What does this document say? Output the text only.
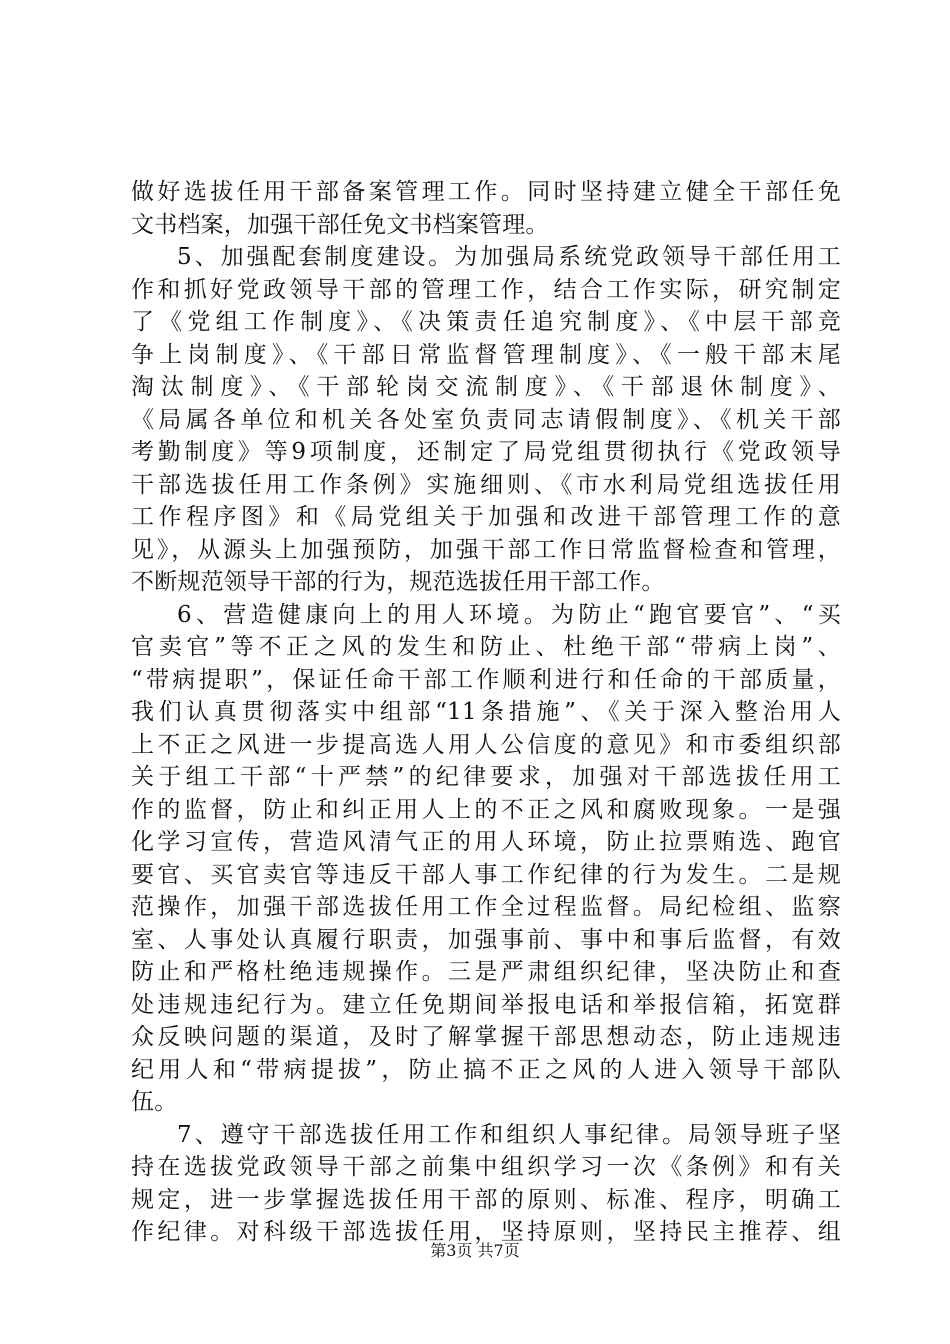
做好选拔任用干部备案管理工作。同时坚持建立健全干部任免
文书档案，加强干部任免文书档案管理。
5、加强配套制度建设。为加强局系统党政领导干部任用工
作和抓好党政领导干部的管理工作，结合工作实际，研究制定
了《党组工作制度》、《决策责任追究制度》、《中层干部竞
争上岗制度》、《干部日常监督管理制度》、《一般干部末尾
淘汰制度》、《干部轮岗交流制度》、《干部退休制度》、
《局属各单位和机关各处室负责同志请假制度》、《机关干部
考勤制度》等9项制度，还制定了局党组贯彻执行《党政领导
干部选拔任用工作条例》实施细则、《市水利局党组选拔任用
工作程序图》和《局党组关于加强和改进干部管理工作的意
见》，从源头上加强预防，加强干部工作日常监督检查和管理，
不断规范领导干部的行为，规范选拔任用干部工作。
6、营造健康向上的用人环境。为防止“跑官要官”、“买
官卖官”等不正之风的发生和防止、杜绝干部“带病上岗”、
“带病提职”，保证任命干部工作顺利进行和任命的干部质量，
我们认真贯彻落实中组部“11条措施”、《关于深入整治用人
上不正之风进一步提高选人用人公信度的意见》和市委组织部
关于组工干部“十严禁”的纪律要求，加强对干部选拔任用工
作的监督，防止和纠正用人上的不正之风和腐败现象。一是强
化学习宣传，营造风清气正的用人环境，防止拉票贿选、跑官
要官、买官卖官等违反干部人事工作纪律的行为发生。二是规
范操作，加强干部选拔任用工作全过程监督。局纪检组、监察
室、人事处认真履行职责，加强事前、事中和事后监督，有效
防止和严格杜绝违规操作。三是严肃组织纪律，坚决防止和查
处违规违纪行为。建立任免期间举报电话和举报信箱，拓宽群
众反映问题的渠道，及时了解掌握干部思想动态，防止违规违
纪用人和“带病提拔”，防止搞不正之风的人进入领导干部队
伍。
7、遵守干部选拔任用工作和组织人事纪律。局领导班子坚
持在选拔党政领导干部之前集中组织学习一次《条例》和有关
规定，进一步掌握选拔任用干部的原则、标准、程序，明确工
作纪律。对科级干部选拔任用，坚持原则，坚持民主推荐、组
第3页 共7页
